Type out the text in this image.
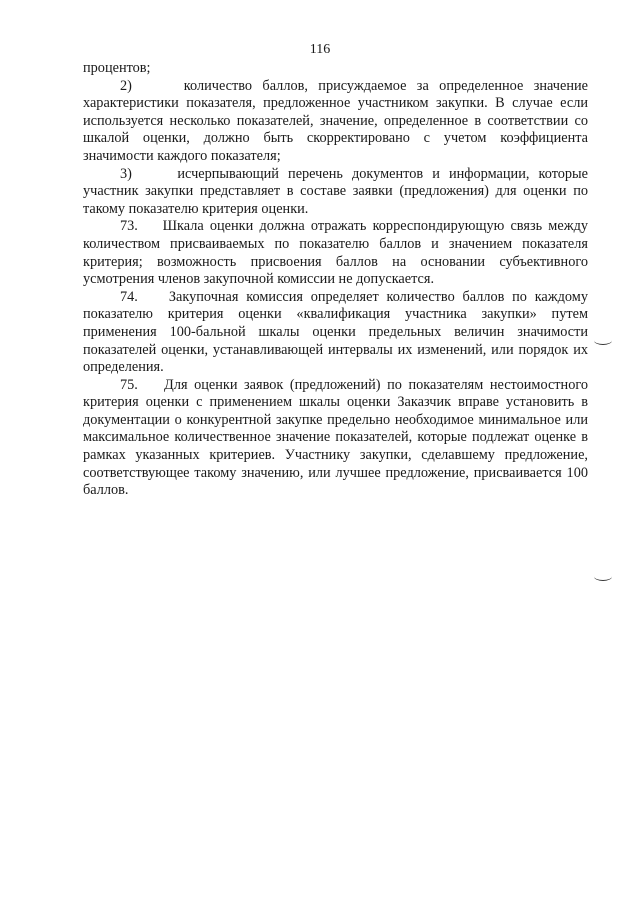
116

процентов;

2)     количество баллов, присуждаемое за определенное значение характеристики показателя, предложенное участником закупки. В случае если используется несколько показателей, значение, определенное в соответствии со шкалой оценки, должно быть скорректировано с учетом коэффициента значимости каждого показателя;

3)     исчерпывающий перечень документов и информации, которые участник закупки представляет в составе заявки (предложения) для оценки по такому показателю критерия оценки.

73.    Шкала оценки должна отражать корреспондирующую связь между количеством присваиваемых по показателю баллов и значением показателя критерия; возможность присвоения баллов на основании субъективного усмотрения членов закупочной комиссии не допускается.

74.    Закупочная комиссия определяет количество баллов по каждому показателю критерия оценки «квалификация участника закупки» путем применения 100-бальной шкалы оценки предельных величин значимости показателей оценки, устанавливающей интервалы их изменений, или порядок их определения.

75.    Для оценки заявок (предложений) по показателям нестоимостного критерия оценки с применением шкалы оценки Заказчик вправе установить в документации о конкурентной закупке предельно необходимое минимальное или максимальное количественное значение показателей, которые подлежат оценке в рамках указанных критериев. Участнику закупки, сделавшему предложение, соответствующее такому значению, или лучшее предложение, присваивается 100 баллов.
